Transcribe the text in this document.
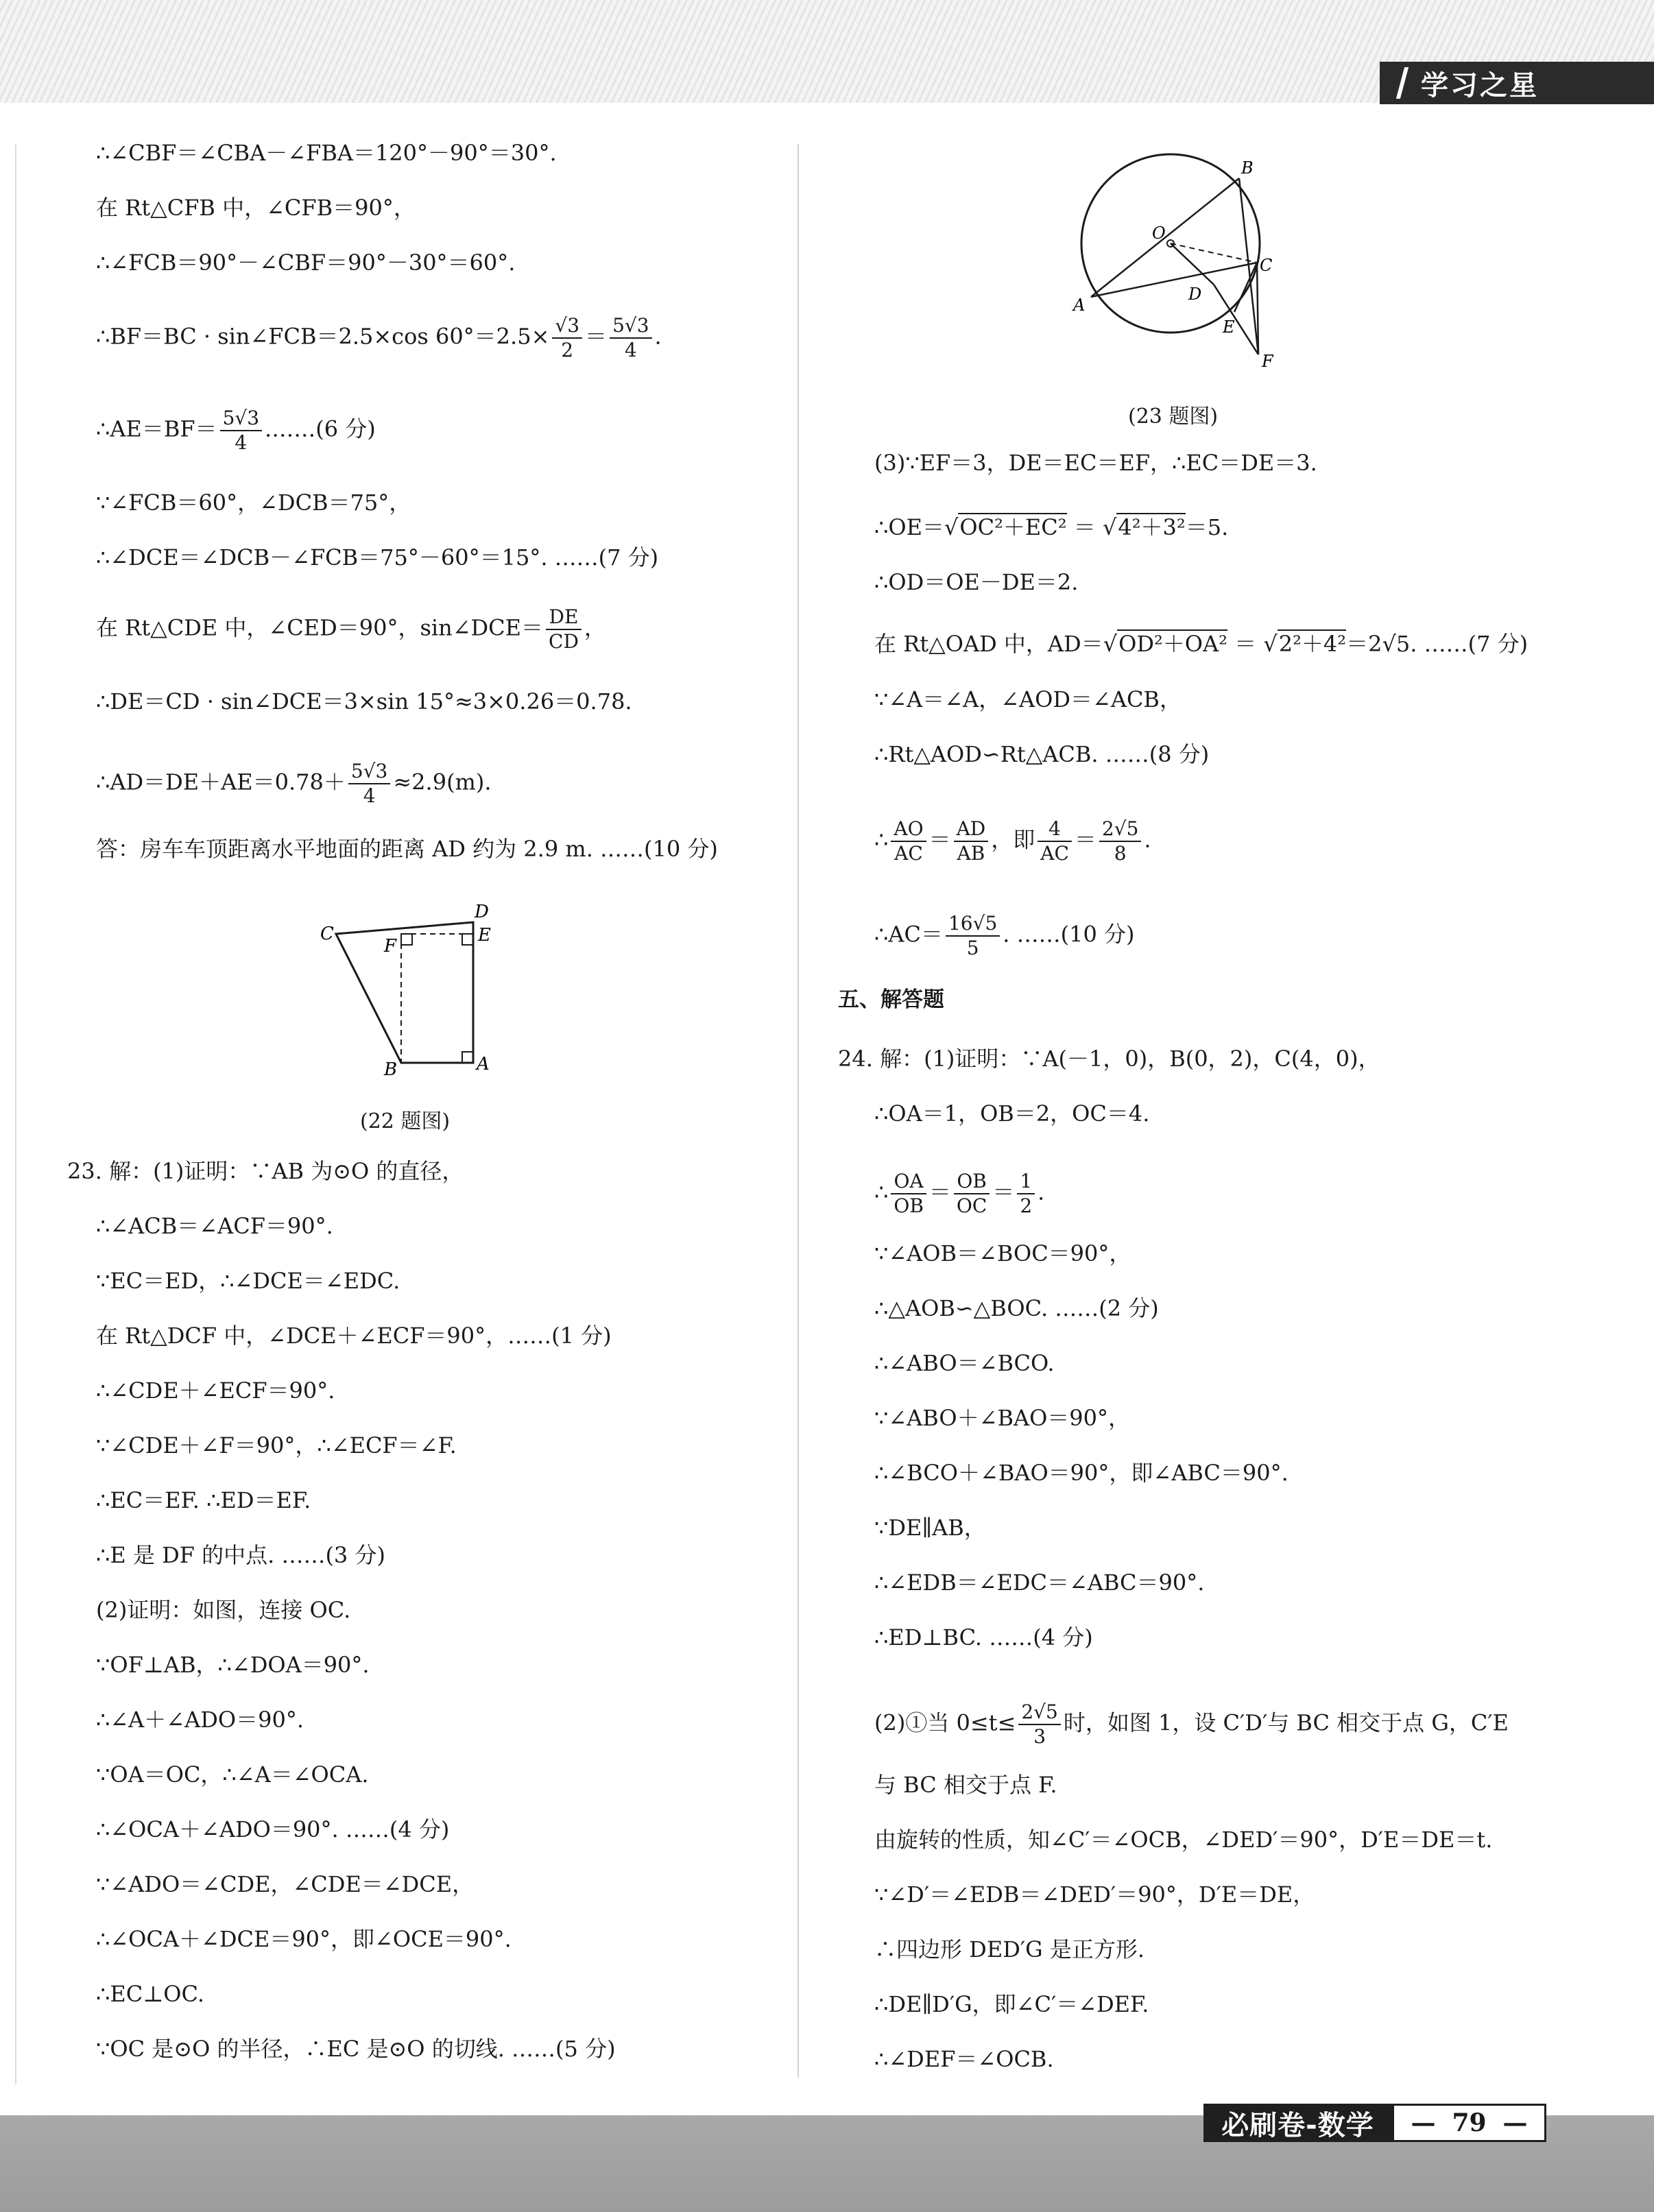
学习之星
∴∠CBF＝∠CBA－∠FBA＝120°－90°＝30°.
在 Rt△CFB 中，∠CFB＝90°，
∴∠FCB＝90°－∠CBF＝90°－30°＝60°.
∴BF＝BC · sin∠FCB＝2.5×cos $60^\circ=2.5\times \frac{√3}{2} = \frac{5√3}{4}$ .
∴AE＝BF＝ $\frac{5√3}{4}$ .……(6 分)
∵∠FCB＝60°，∠DCB＝75°，
∴∠DCE＝∠DCB－∠FCB＝75°－60°＝15°. ……(7 分)
在 Rt△CDE 中，∠CED＝90°，sin∠DCE＝ $\frac{DE}{CD}$ ，
∴DE＝CD · sin∠DCE＝3×sin 15°≈3×0.26＝0.78.
∴AD＝DE＋AE＝0.78＋ $\frac{5√3}{4} \approx 2.9(m)$.
答：房车车顶距离水平地面的距离 AD 约为 2.9 m. ……(10 分)
C
D
E
F
B	A
(22 题图)
23. 解：(1)证明：∵AB 为⊙O 的直径，
∴∠ACB＝∠ACF＝90°.
∵EC＝ED，∴∠DCE＝∠EDC.
在 Rt△DCF 中，∠DCE＋∠ECF＝90°，……(1 分)
∴∠CDE＋∠ECF＝90°.
∵∠CDE＋∠F＝90°，∴∠ECF＝∠F.
∴EC＝EF. ∴ED＝EF.
∴E 是 DF 的中点. ……(3 分)
(2)证明：如图，连接 OC.
∵OF⊥AB，∴∠DOA＝90°.
∴∠A＋∠ADO＝90°.
∵OA＝OC，∴∠A＝∠OCA.
∴∠OCA＋∠ADO＝90°. ……(4 分)
∵∠ADO＝∠CDE，∠CDE＝∠DCE，
∴∠OCA＋∠DCE＝90°，即∠OCE＝90°.
∴EC⊥OC.
∵OC 是⊙O 的半径，∴EC 是⊙O 的切线. ……(5 分)
O
B
C
D
A
E
F
(23 题图)
(3)∵EF＝3，DE＝EC＝EF，∴EC＝DE＝3.
∴OE＝√OC²＋EC² ＝ √4²＋3²＝5.
∴OD＝OE－DE＝2.
在 Rt△OAD 中，AD＝√OD²＋OA² ＝ √2²＋4²＝2√5. ……(7 分)
∵∠A＝∠A，∠AOD＝∠ACB，
∴Rt△AOD∽Rt△ACB. ……(8 分)
∴ $\frac{AO}{AC} = \frac{AD}{AB}$ ，即 $\frac{4}{AC} = \frac{2√5}{8}$ .
∴AC＝ $\frac{16√5}{5}$ . ……(10 分)
五、解答题
24. 解：(1)证明：∵A(－1，0)，B(0，2)，C(4，0)，
∴OA＝1，OB＝2，OC＝4.
∴ $\frac{OA}{OB} = \frac{OB}{OC} = \frac{1}{2}$ .
∵∠AOB＝∠BOC＝90°，
∴△AOB∽△BOC. ……(2 分)
∴∠ABO＝∠BCO.
∵∠ABO＋∠BAO＝90°，
∴∠BCO＋∠BAO＝90°，即∠ABC＝90°.
∵DE∥AB，
∴∠EDB＝∠EDC＝∠ABC＝90°.
∴ED⊥BC. ……(4 分)
(2)①当 $0\le t\le \frac{2√5}{3}$ 时，如图 1，设 C′D′与 BC 相交于点 G，C′E
与 BC 相交于点 F.
由旋转的性质，知∠C′＝∠OCB，∠DED′＝90°，D′E＝DE＝t.
∵∠D′＝∠EDB＝∠DED′＝90°，D′E＝DE，
∴四边形 DED′G 是正方形.
∴DE∥D′G，即∠C′＝∠DEF.
∴∠DEF＝∠OCB.
必刷卷-数学	— 79 —
